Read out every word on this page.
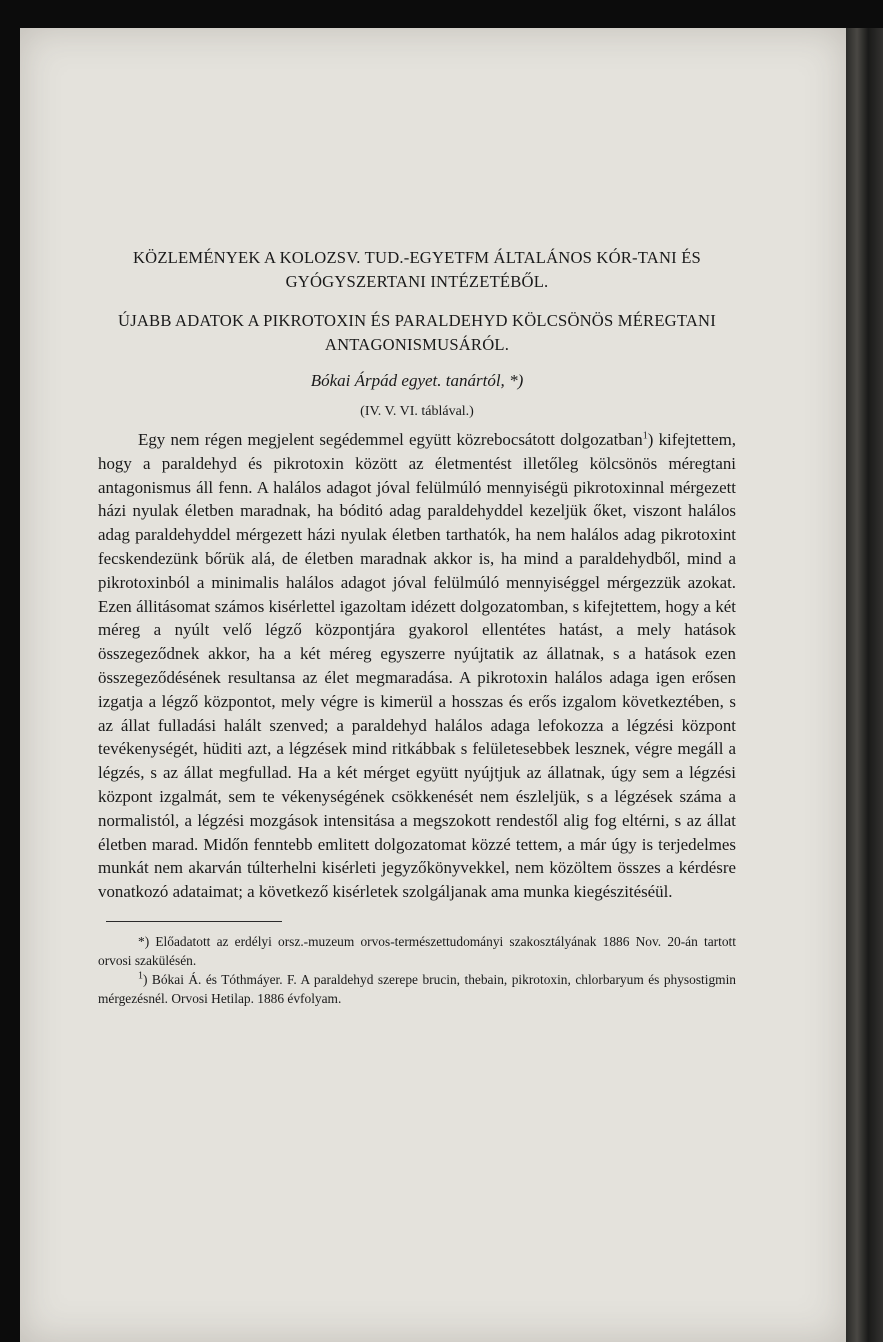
KÖZLEMÉNYEK A KOLOZSV. TUD.-EGYETFM ÁLTALÁNOS KÓR-TANI ÉS GYÓGYSZERTANI INTÉZETÉBŐL.
ÚJABB ADATOK A PIKROTOXIN ÉS PARALDEHYD KÖLCSÖNÖS MÉREGTANI ANTAGONISMUSÁRÓL.
Bókai Árpád egyet. tanártól, *)
(IV. V. VI. táblával.)

Egy nem régen megjelent segédemmel együtt közrebocsátott dolgozatban$^1$) kifejtettem, hogy a paraldehyd és pikrotoxin között az életmentést illetőleg kölcsönös méregtani antagonismus áll fenn. A halálos adagot jóval felülmúló mennyiségü pikrotoxinnal mérgezett házi nyulak életben maradnak, ha bóditó adag paraldehyddel kezeljük őket, viszont halálos adag paraldehyddel mérgezett házi nyulak életben tarthatók, ha nem halálos adag pikrotoxint fecskendezünk bőrük alá, de életben maradnak akkor is, ha mind a paraldehydből, mind a pikrotoxinból a minimalis halálos adagot jóval felülmúló mennyiséggel mérgezzük azokat. Ezen állitásomat számos kisérlettel igazoltam idézett dolgozatomban, s kifejtettem, hogy a két méreg a nyúlt velő légző központjára gyakorol ellentétes hatást, a mely hatások összegeződnek akkor, ha a két méreg egyszerre nyújtatik az állatnak, s a hatások ezen összegeződésének resultansa az élet megmaradása. A pikrotoxin halálos adaga igen erősen izgatja a légző központot, mely végre is kimerül a hosszas és erős izgalom következtében, s az állat fulladási halált szenved; a paraldehyd halálos adaga lefokozza a légzési központ tevékenységét, hüditi azt, a légzések mind ritkábbak s felületesebbek lesznek, végre megáll a légzés, s az állat megfullad. Ha a két mérget együtt nyújtjuk az állatnak, úgy sem a légzési központ izgalmát, sem te vékenységének csökkenését nem észleljük, s a légzések száma a normalistól, a légzési mozgások intensitása a megszokott rendestől alig fog eltérni, s az állat életben marad. Midőn fenntebb emlitett dolgozatomat közzé tettem, a már úgy is terjedelmes munkát nem akarván túlterhelni kisérleti jegyzőkönyvekkel, nem közöltem összes a kérdésre vonatkozó adataimat; a következő kisérletek szolgáljanak ama munka kiegészitéséül.

*) Előadatott az erdélyi orsz.-muzeum orvos-természettudományi szakosztályának 1886 Nov. 20-án tartott orvosi szakülésén.

$^1$) Bókai Á. és Tóthmáyer. F. A paraldehyd szerepe brucin, thebain, pikrotoxin, chlorbaryum és physostigmin mérgezésnél. Orvosi Hetilap. 1886 évfolyam.
